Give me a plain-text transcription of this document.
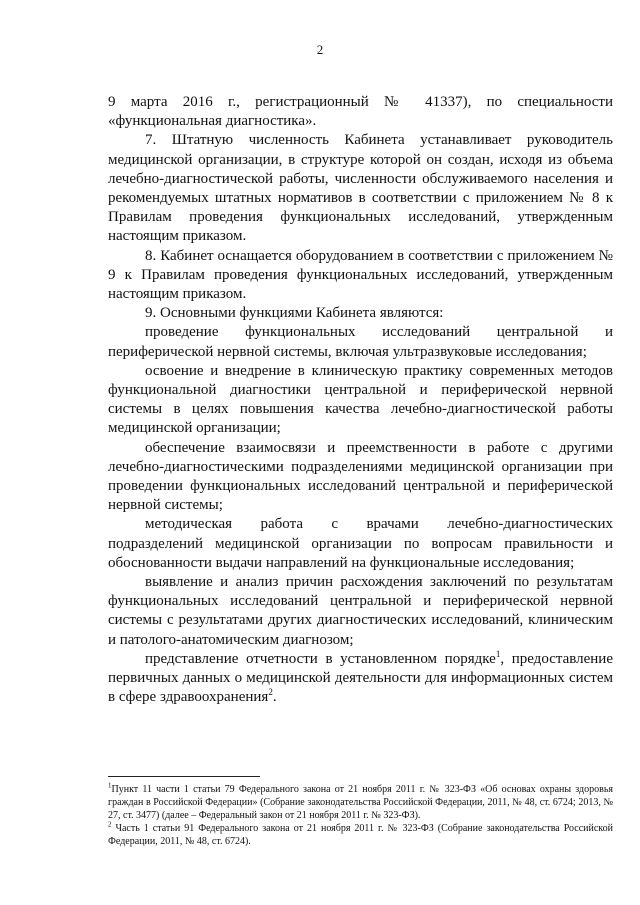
2

9 марта 2016 г., регистрационный № 41337), по специальности «функциональная диагностика».

7. Штатную численность Кабинета устанавливает руководитель медицинской организации, в структуре которой он создан, исходя из объема лечебно-диагностической работы, численности обслуживаемого населения и рекомендуемых штатных нормативов в соответствии с приложением № 8 к Правилам проведения функциональных исследований, утвержденным настоящим приказом.

8. Кабинет оснащается оборудованием в соответствии с приложением № 9 к Правилам проведения функциональных исследований, утвержденным настоящим приказом.

9. Основными функциями Кабинета являются:

проведение функциональных исследований центральной и периферической нервной системы, включая ультразвуковые исследования;

освоение и внедрение в клиническую практику современных методов функциональной диагностики центральной и периферической нервной системы в целях повышения качества лечебно-диагностической работы медицинской организации;

обеспечение взаимосвязи и преемственности в работе с другими лечебно-диагностическими подразделениями медицинской организации при проведении функциональных исследований центральной и периферической нервной системы;

методическая работа с врачами лечебно-диагностических подразделений медицинской организации по вопросам правильности и обоснованности выдачи направлений на функциональные исследования;

выявление и анализ причин расхождения заключений по результатам функциональных исследований центральной и периферической нервной системы с результатами других диагностических исследований, клиническим и патолого-анатомическим диагнозом;

представление отчетности в установленном порядке$^1$, предоставление первичных данных о медицинской деятельности для информационных систем в сфере здравоохранения$^2$.

$^1$Пункт 11 части 1 статьи 79 Федерального закона от 21 ноября 2011 г. № 323-ФЗ «Об основах охраны здоровья граждан в Российской Федерации» (Собрание законодательства Российской Федерации, 2011, № 48, ст. 6724; 2013, № 27, ст. 3477) (далее – Федеральный закон от 21 ноября 2011 г. № 323-ФЗ).

$^2$ Часть 1 статьи 91 Федерального закона от 21 ноября 2011 г. № 323-ФЗ (Собрание законодательства Российской Федерации, 2011, № 48, ст. 6724).
